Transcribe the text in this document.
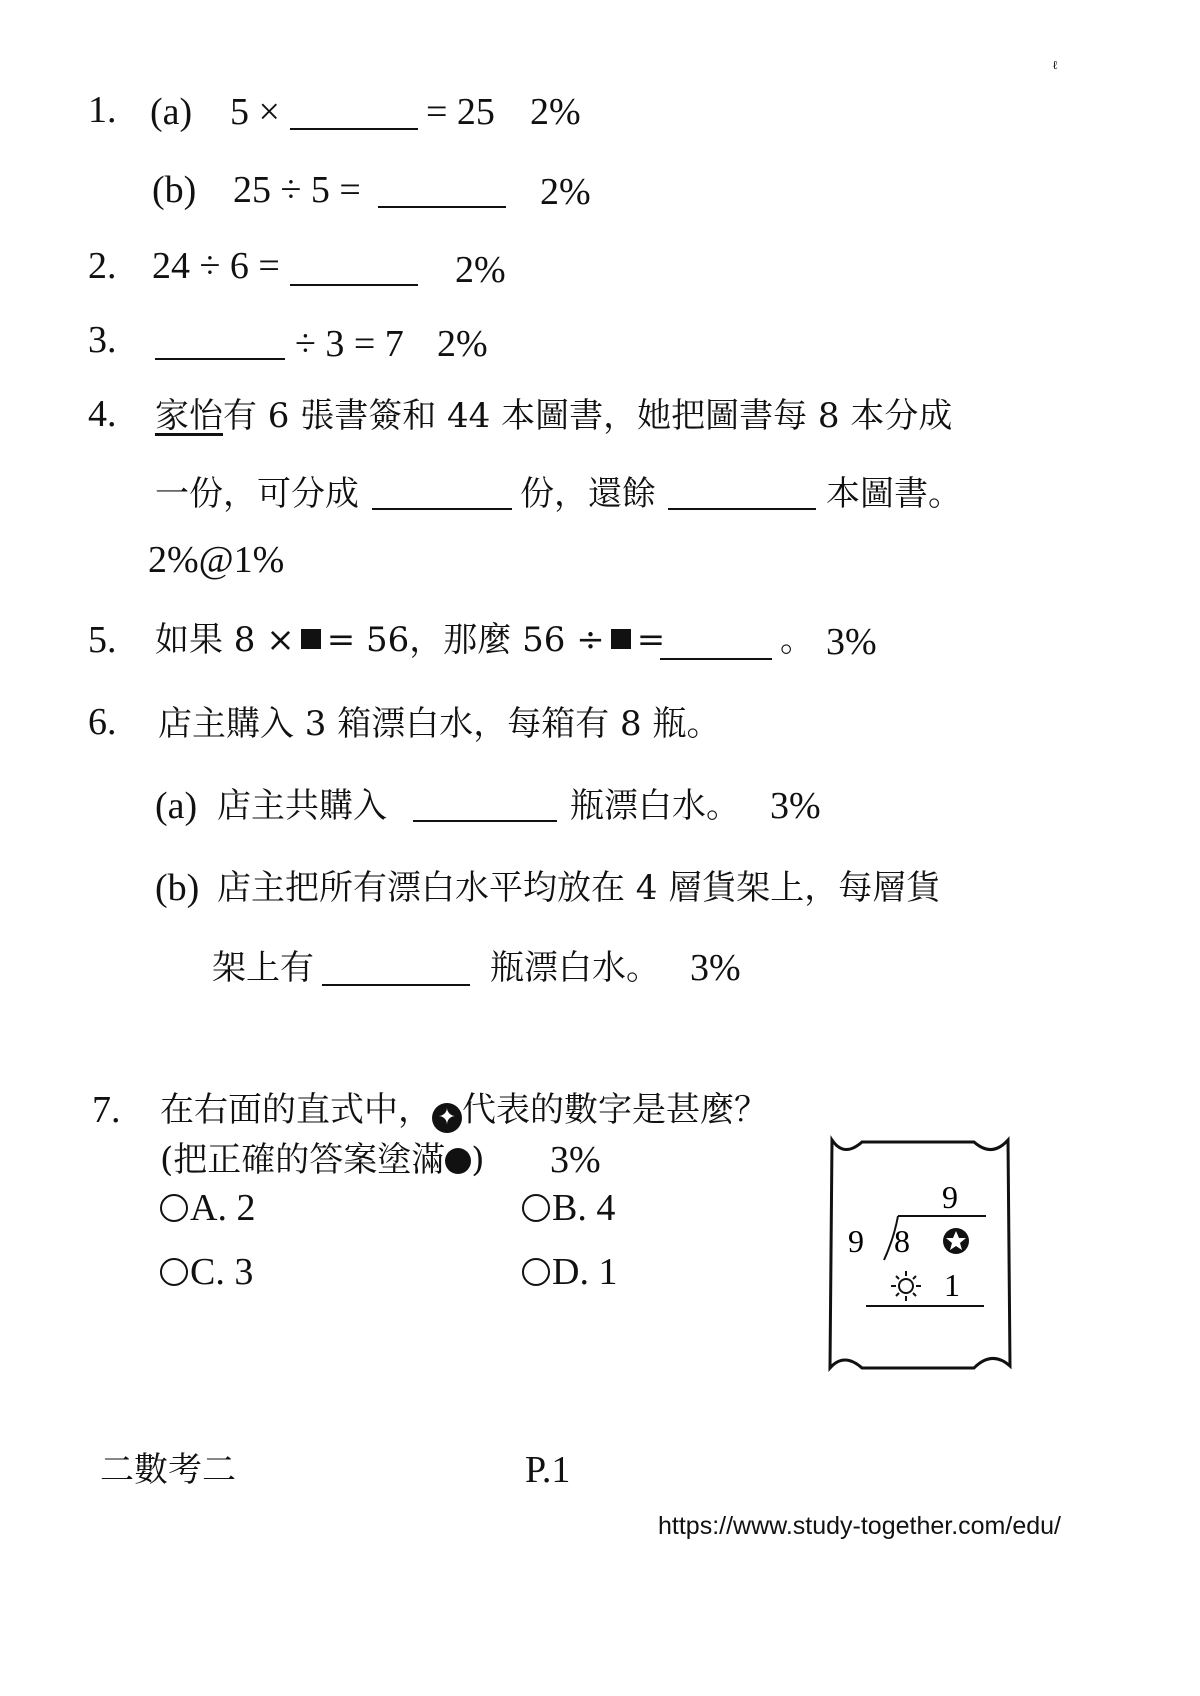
ℓ
1. (a) 5 ×	= 25 2%
(b) 25 ÷ 5 =	2%
2. 24 ÷ 6 =	2%
3.	÷ 3 = 7 2%
4. 家怡有 6 張書簽和 44 本圖書，她把圖書每 8 本分成
一份，可分成	份，還餘	本圖書。
2%@1%
5. 如果 8 × = 56，那麼 56 ÷ =	。 3%
6. 店主購入 3 箱漂白水，每箱有 8 瓶。
(a) 店主共購入	瓶漂白水。 3%
(b) 店主把所有漂白水平均放在 4 層貨架上，每層貨
架上有	瓶漂白水。 3%
7. 在右面的直式中， ✦ 代表的數字是甚麼？
(把正確的答案塗滿 ) 3%
A. 2	B. 4
C. 3	D. 1
9
9 8
1
二數考二	P.1
https://www.study-together.com/edu/
